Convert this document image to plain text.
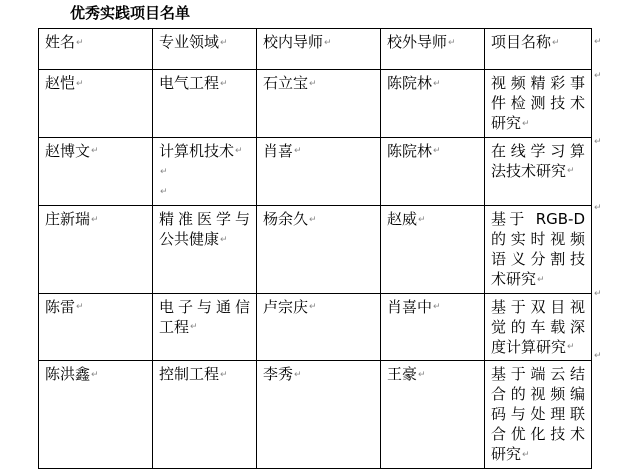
优秀实践项目名单
姓名↵	专业领域↵	校内导师↵	校外导师↵	项目名称↵
赵恺↵	电气工程↵	石立宝↵	陈院林↵	视频精彩事
件检测技术
研究↵
赵博文↵	计算机技术↵
↵
↵	肖喜↵	陈院林↵	在线学习算
法技术研究↵
庄新瑞↵	精准医学与
公共健康↵	杨余久↵	赵威↵	基于 RGB-D
的实时视频
语义分割技
术研究↵
陈雷↵	电子与通信
工程↵	卢宗庆↵	肖喜中↵	基于双目视
觉的车载深
度计算研究↵
陈洪鑫↵	控制工程↵	李秀↵	王豪↵	基于端云结
合的视频编
码与处理联
合优化技术
研究↵
↵
↵
↵
↵
↵
↵
